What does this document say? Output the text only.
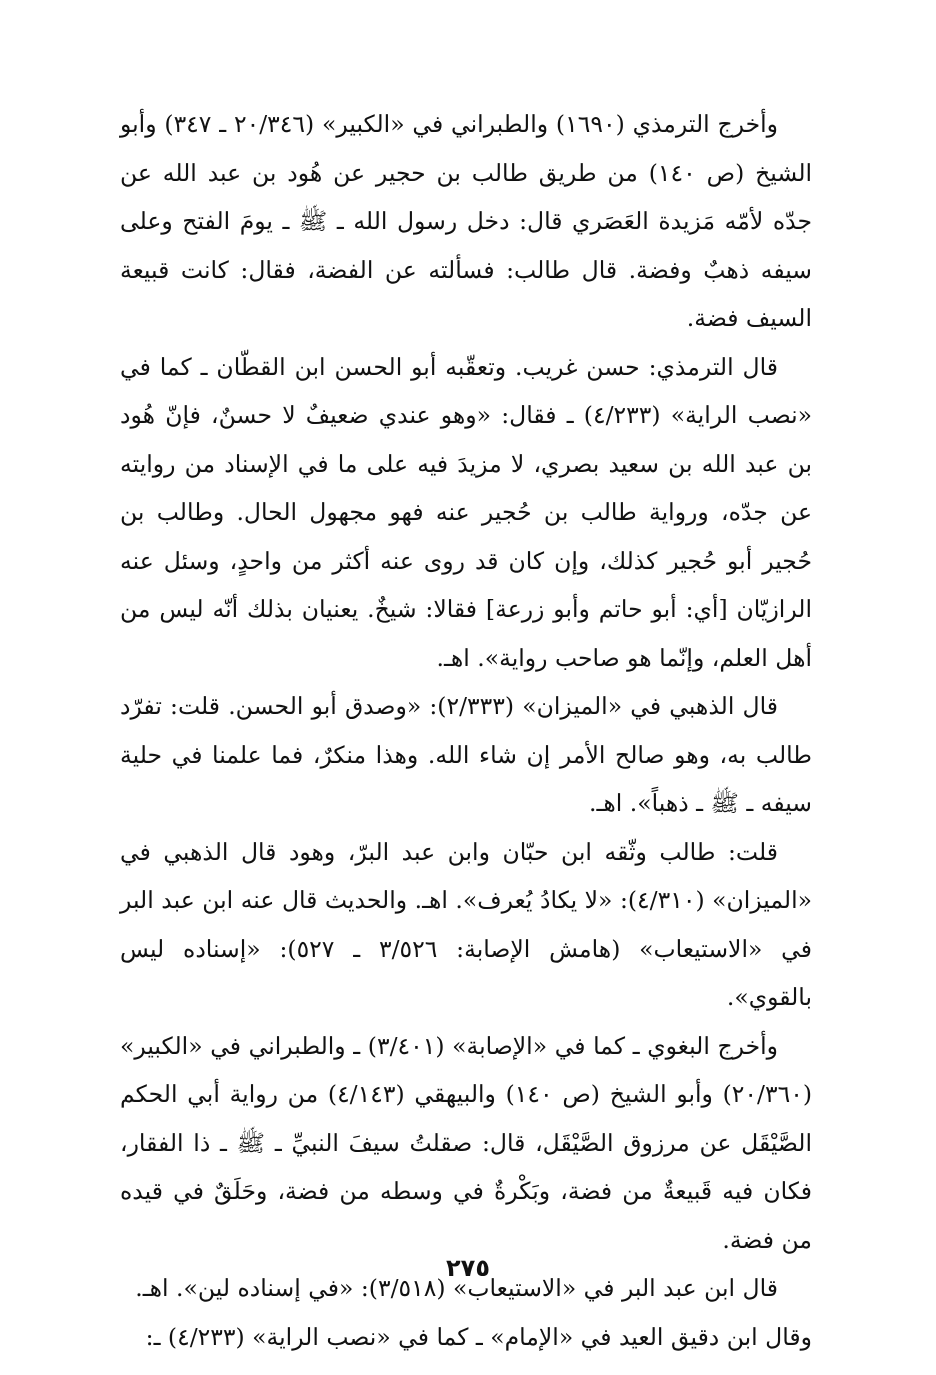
وأخرج الترمذي (١٦٩٠) والطبراني في «الكبير» (٢٠/٣٤٦ ـ ٣٤٧) وأبو الشيخ (ص ١٤٠) من طريق طالب بن حجير عن هُود بن عبد الله عن جدّه لأمّه مَزيدة العَصَري قال: دخل رسول الله ـ ﷺ ـ يومَ الفتح وعلى سيفه ذهبٌ وفضة. قال طالب: فسألته عن الفضة، فقال: كانت قبيعة السيف فضة.

قال الترمذي: حسن غريب. وتعقّبه أبو الحسن ابن القطّان ـ كما في «نصب الراية» (٤/٢٣٣) ـ فقال: «وهو عندي ضعيفٌ لا حسنٌ، فإنّ هُود بن عبد الله بن سعيد بصري، لا مزيدَ فيه على ما في الإسناد من روايته عن جدّه، ورواية طالب بن حُجير عنه فهو مجهول الحال. وطالب بن حُجير أبو حُجير كذلك، وإن كان قد روى عنه أكثر من واحدٍ، وسئل عنه الرازيّان [أي: أبو حاتم وأبو زرعة] فقالا: شيخٌ. يعنيان بذلك أنّه ليس من أهل العلم، وإنّما هو صاحب رواية». اهـ.

قال الذهبي في «الميزان» (٢/٣٣٣): «وصدق أبو الحسن. قلت: تفرّد طالب به، وهو صالح الأمر إن شاء الله. وهذا منكرٌ، فما علمنا في حلية سيفه ـ ﷺ ـ ذهباً». اهـ.

قلت: طالب وثّقه ابن حبّان وابن عبد البرّ، وهود قال الذهبي في «الميزان» (٤/٣١٠): «لا يكادُ يُعرف». اهـ. والحديث قال عنه ابن عبد البر في «الاستيعاب» (هامش الإصابة: ٣/٥٢٦ ـ ٥٢٧): «إسناده ليس بالقوي».

وأخرج البغوي ـ كما في «الإصابة» (٣/٤٠١) ـ والطبراني في «الكبير» (٢٠/٣٦٠) وأبو الشيخ (ص ١٤٠) والبيهقي (٤/١٤٣) من رواية أبي الحكم الصَّيْقَل عن مرزوق الصَّيْقَل، قال: صقلتُ سيفَ النبيِّ ـ ﷺ ـ ذا الفقار، فكان فيه قَبيعةٌ من فضة، وبَكْرةٌ في وسطه من فضة، وحَلَقٌ في قيده من فضة.

قال ابن عبد البر في «الاستيعاب» (٣/٥١٨): «في إسناده لين». اهـ.

وقال ابن دقيق العيد في «الإمام» ـ كما في «نصب الراية» (٤/٢٣٣) ـ:

٢٧٥
